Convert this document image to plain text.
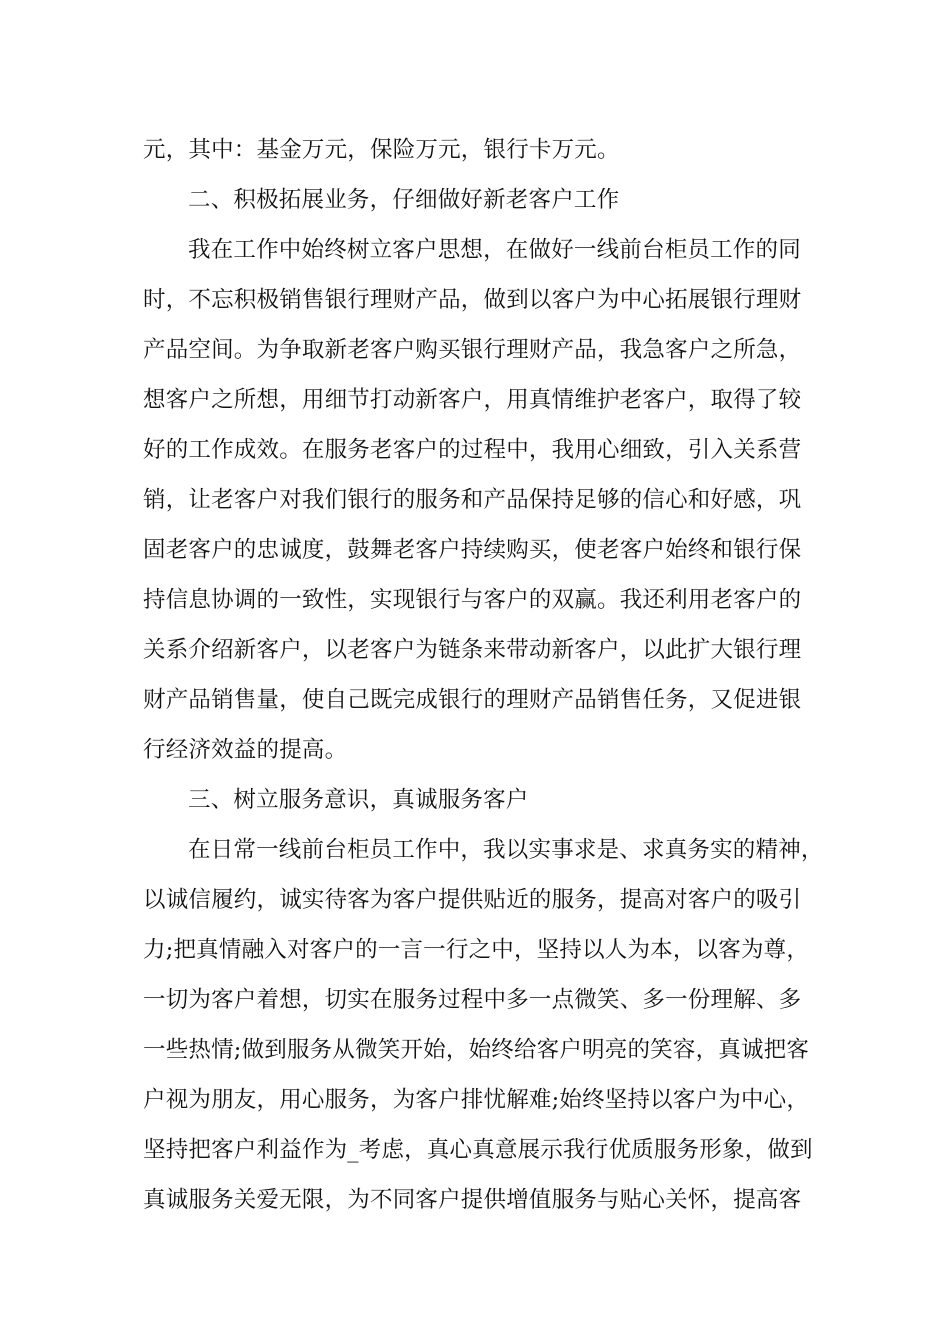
元，其中：基金万元，保险万元，银行卡万元。
二、积极拓展业务，仔细做好新老客户工作
我在工作中始终树立客户思想，在做好一线前台柜员工作的同
时，不忘积极销售银行理财产品，做到以客户为中心拓展银行理财
产品空间。为争取新老客户购买银行理财产品，我急客户之所急，
想客户之所想，用细节打动新客户，用真情维护老客户，取得了较
好的工作成效。在服务老客户的过程中，我用心细致，引入关系营
销，让老客户对我们银行的服务和产品保持足够的信心和好感，巩
固老客户的忠诚度，鼓舞老客户持续购买，使老客户始终和银行保
持信息协调的一致性，实现银行与客户的双赢。我还利用老客户的
关系介绍新客户，以老客户为链条来带动新客户，以此扩大银行理
财产品销售量，使自己既完成银行的理财产品销售任务，又促进银
行经济效益的提高。
三、树立服务意识，真诚服务客户
在日常一线前台柜员工作中，我以实事求是、求真务实的精神，
以诚信履约，诚实待客为客户提供贴近的服务，提高对客户的吸引
力;把真情融入对客户的一言一行之中，坚持以人为本，以客为尊，
一切为客户着想，切实在服务过程中多一点微笑、多一份理解、多
一些热情;做到服务从微笑开始，始终给客户明亮的笑容，真诚把客
户视为朋友，用心服务，为客户排忧解难;始终坚持以客户为中心，
坚持把客户利益作为_考虑，真心真意展示我行优质服务形象，做到
真诚服务关爱无限，为不同客户提供增值服务与贴心关怀，提高客
